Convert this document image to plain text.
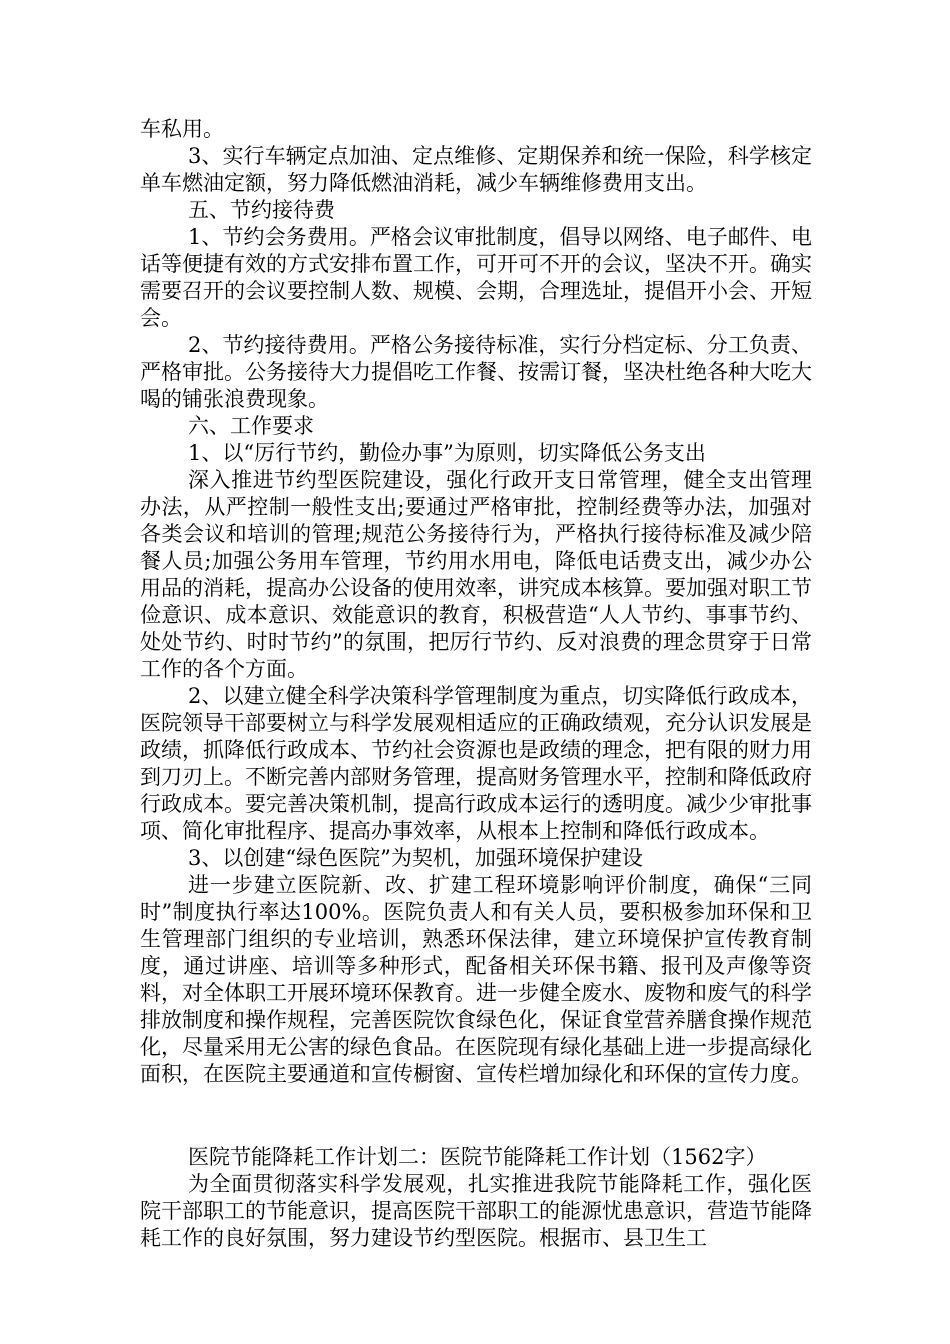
车私用。

3、实行车辆定点加油、定点维修、定期保养和统一保险，科学核定单车燃油定额，努力降低燃油消耗，减少车辆维修费用支出。

五、节约接待费

1、节约会务费用。严格会议审批制度，倡导以网络、电子邮件、电话等便捷有效的方式安排布置工作，可开可不开的会议，坚决不开。确实需要召开的会议要控制人数、规模、会期，合理选址，提倡开小会、开短会。

2、节约接待费用。严格公务接待标准，实行分档定标、分工负责、严格审批。公务接待大力提倡吃工作餐、按需订餐，坚决杜绝各种大吃大喝的铺张浪费现象。

六、工作要求

1、以“厉行节约，勤俭办事”为原则，切实降低公务支出

深入推进节约型医院建设，强化行政开支日常管理，健全支出管理办法，从严控制一般性支出;要通过严格审批，控制经费等办法，加强对各类会议和培训的管理;规范公务接待行为，严格执行接待标准及减少陪餐人员;加强公务用车管理，节约用水用电，降低电话费支出，减少办公用品的消耗，提高办公设备的使用效率，讲究成本核算。要加强对职工节俭意识、成本意识、效能意识的教育，积极营造“人人节约、事事节约、处处节约、时时节约”的氛围，把厉行节约、反对浪费的理念贯穿于日常工作的各个方面。

2、以建立健全科学决策科学管理制度为重点，切实降低行政成本，医院领导干部要树立与科学发展观相适应的正确政绩观，充分认识发展是政绩，抓降低行政成本、节约社会资源也是政绩的理念，把有限的财力用到刀刃上。不断完善内部财务管理，提高财务管理水平，控制和降低政府行政成本。要完善决策机制，提高行政成本运行的透明度。减少少审批事项、简化审批程序、提高办事效率，从根本上控制和降低行政成本。

3、以创建“绿色医院”为契机，加强环境保护建设

进一步建立医院新、改、扩建工程环境影响评价制度，确保“三同时”制度执行率达100%。医院负责人和有关人员，要积极参加环保和卫生管理部门组织的专业培训，熟悉环保法律，建立环境保护宣传教育制度，通过讲座、培训等多种形式，配备相关环保书籍、报刊及声像等资料，对全体职工开展环境环保教育。进一步健全废水、废物和废气的科学排放制度和操作规程，完善医院饮食绿色化，保证食堂营养膳食操作规范化，尽量采用无公害的绿色食品。在医院现有绿化基础上进一步提高绿化面积，在医院主要通道和宣传橱窗、宣传栏增加绿化和环保的宣传力度。

医院节能降耗工作计划二：医院节能降耗工作计划（1562字）

为全面贯彻落实科学发展观，扎实推进我院节能降耗工作，强化医院干部职工的节能意识，提高医院干部职工的能源忧患意识，营造节能降耗工作的良好氛围，努力建设节约型医院。根据市、县卫生工
